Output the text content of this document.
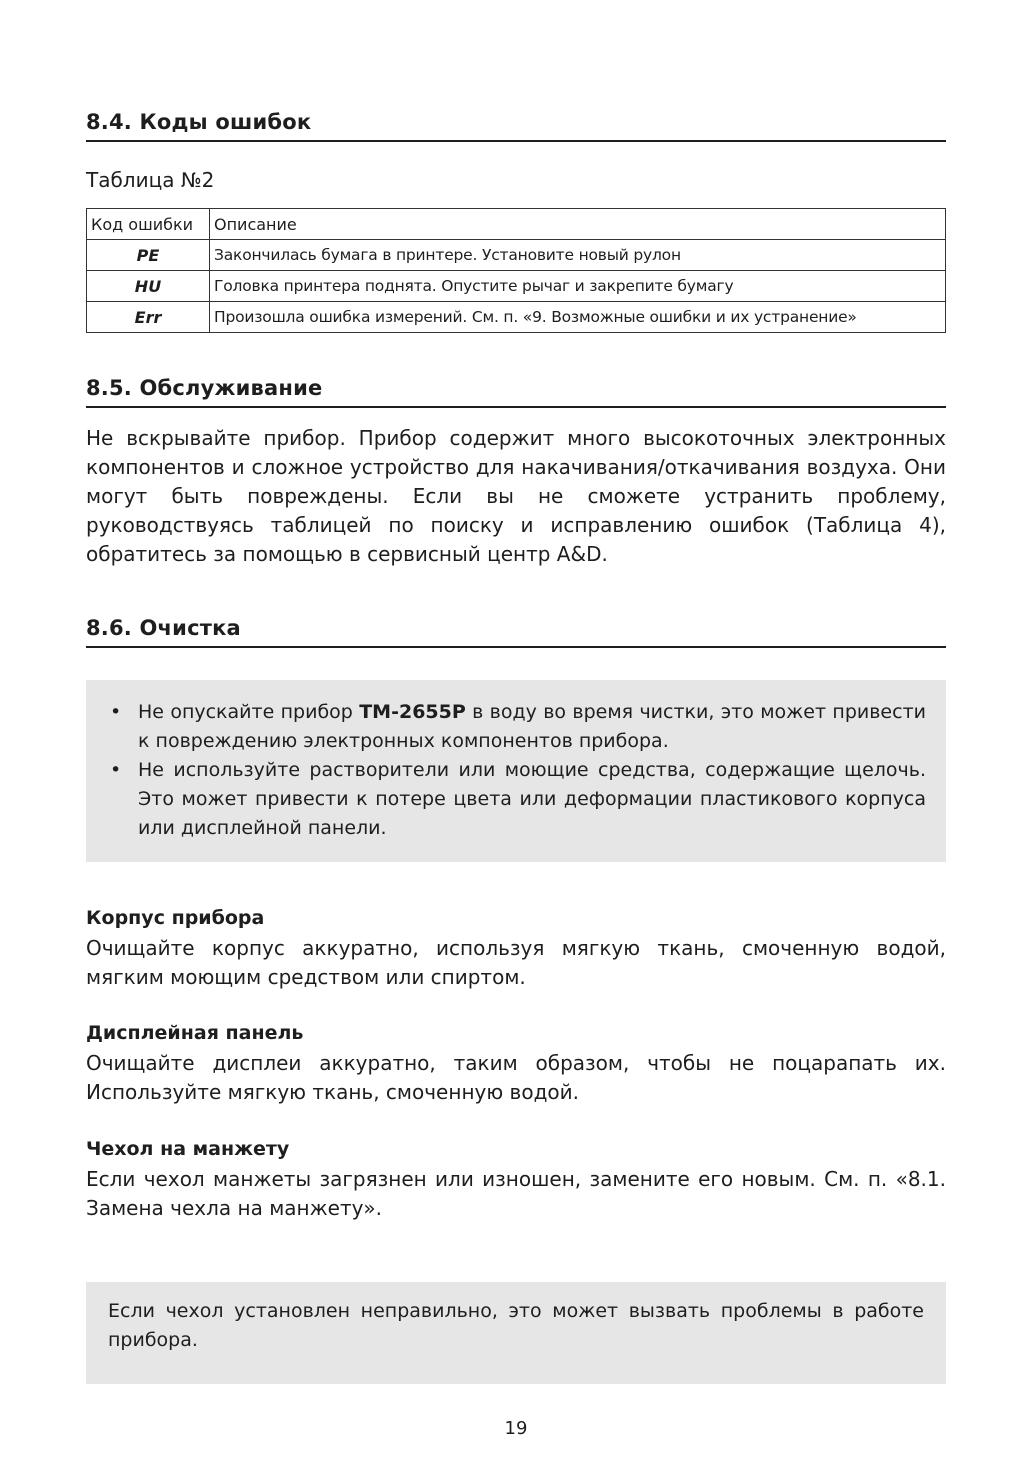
8.4. Коды ошибок
Таблица №2
Код ошибки	Описание
PE	Закончилась бумага в принтере. Установите новый рулон
HU	Головка принтера поднята. Опустите рычаг и закрепите бумагу
Err	Произошла ошибка измерений. См. п. «9. Возможные ошибки и их устранение»
8.5. Обслуживание
Не вскрывайте прибор. Прибор содержит много высокоточных электронных компонентов и сложное устройство для накачивания/откачивания воздуха. Они могут быть повреждены. Если вы не сможете устранить проблему, руководствуясь таблицей по поиску и исправлению ошибок (Таблица 4), обратитесь за помощью в сервисный центр A&D.
8.6. Очистка
• Не опускайте прибор TM-2655P в воду во время чистки, это может привести к повреждению электронных компонентов прибора.
• Не используйте растворители или моющие средства, содержащие щелочь. Это может привести к потере цвета или деформации пластикового корпуса или дисплейной панели.
Корпус прибора
Очищайте корпус аккуратно, используя мягкую ткань, смоченную водой, мягким моющим средством или спиртом.
Дисплейная панель
Очищайте дисплеи аккуратно, таким образом, чтобы не поцарапать их. Используйте мягкую ткань, смоченную водой.
Чехол на манжету
Если чехол манжеты загрязнен или изношен, замените его новым. См. п. «8.1. Замена чехла на манжету».
Если чехол установлен неправильно, это может вызвать проблемы в работе прибора.
19
